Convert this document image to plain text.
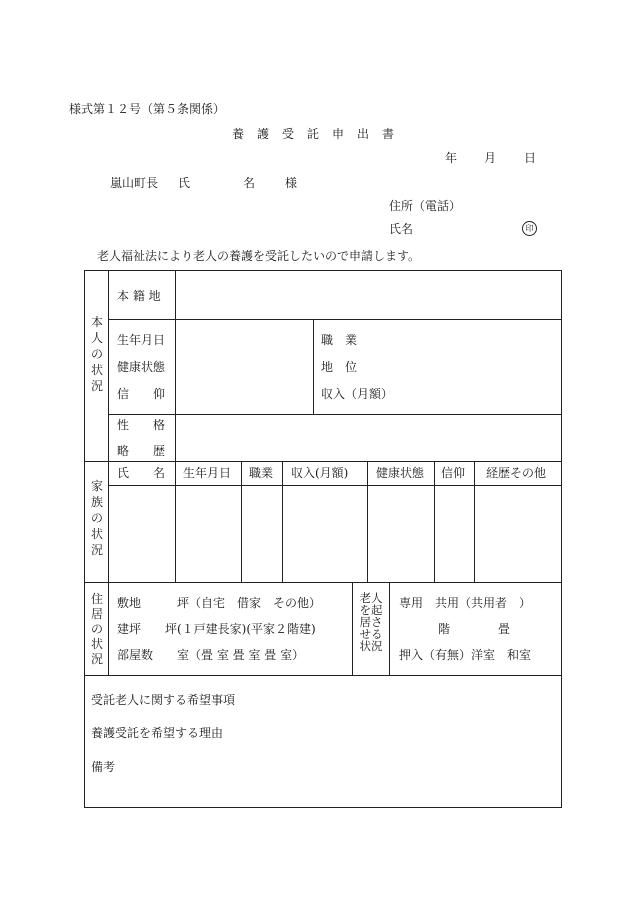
様式第１２号（第５条関係）
養護受託申出書
年 月 日
嵐山町長 氏	名 様
住所（電話）
氏名	印
老人福祉法により老人の養護を受託したいので申請します。
本人の状況
本 籍 地
生年月日
健康状態
信　　仰
職　業
地　位
収入（月額）
性　　格
略　　歴
家族の状況
氏　　名 生年月日 職業 収入(月額) 健康状態 信仰 経歴その他
住居の状況
敷地　　　坪（自宅　借家　その他）
建坪　　坪(１戸建長家)(平家２階建)
部屋数　　室（畳 室 畳 室 畳 室）
老人を起居させる状況
専用　共用（共用者　）
階　　　　畳
押入（有無）洋室　和室
受託老人に関する希望事項
養護受託を希望する理由
備考
